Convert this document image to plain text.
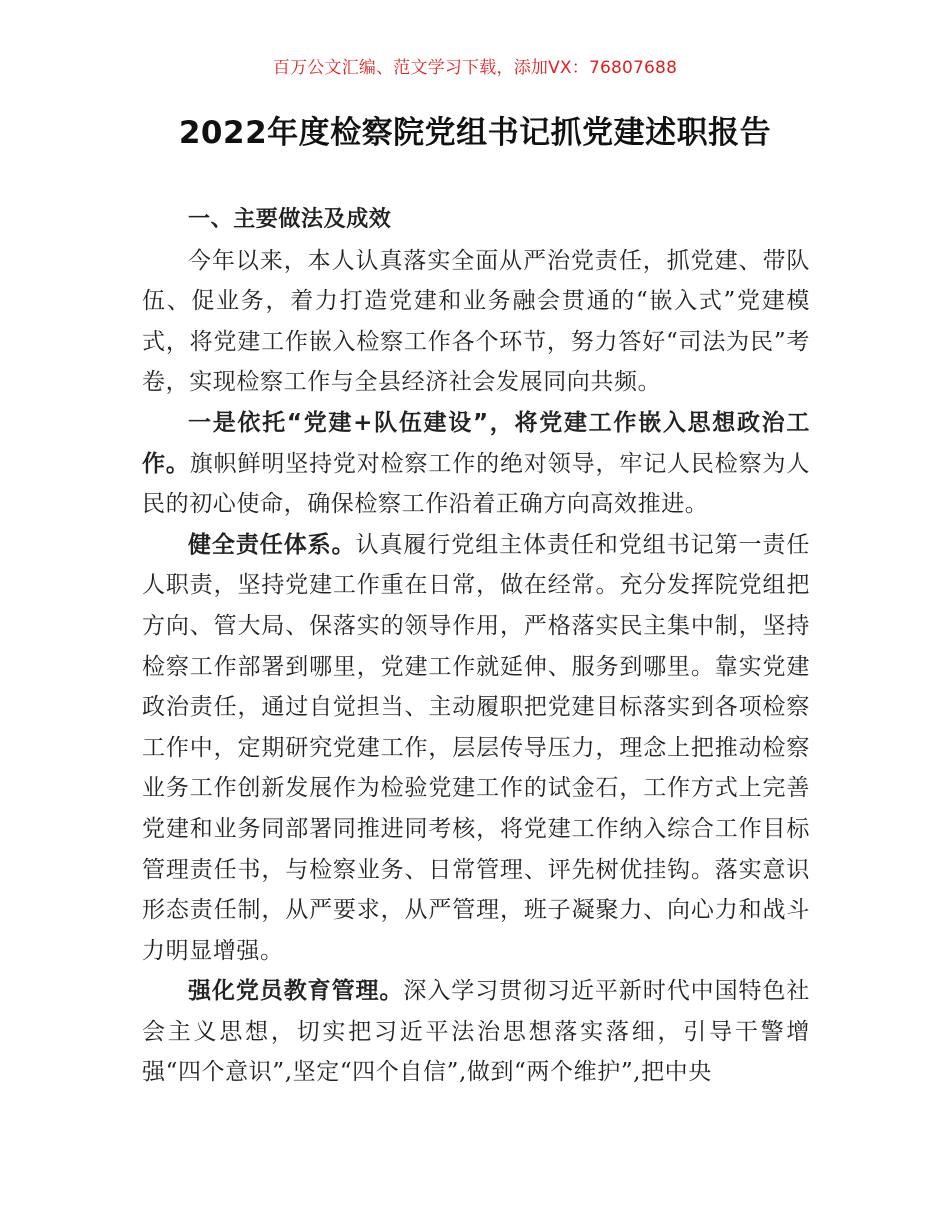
百万公文汇编、范文学习下载，添加VX：76807688
2022年度检察院党组书记抓党建述职报告

一、主要做法及成效

今年以来，本人认真落实全面从严治党责任，抓党建、带队伍、促业务，着力打造党建和业务融会贯通的“嵌入式”党建模式，将党建工作嵌入检察工作各个环节，努力答好“司法为民”考卷，实现检察工作与全县经济社会发展同向共频。

一是依托“党建+队伍建设”，将党建工作嵌入思想政治工作。旗帜鲜明坚持党对检察工作的绝对领导，牢记人民检察为人民的初心使命，确保检察工作沿着正确方向高效推进。

健全责任体系。认真履行党组主体责任和党组书记第一责任人职责，坚持党建工作重在日常，做在经常。充分发挥院党组把方向、管大局、保落实的领导作用，严格落实民主集中制，坚持检察工作部署到哪里，党建工作就延伸、服务到哪里。靠实党建政治责任，通过自觉担当、主动履职把党建目标落实到各项检察工作中，定期研究党建工作，层层传导压力，理念上把推动检察业务工作创新发展作为检验党建工作的试金石，工作方式上完善党建和业务同部署同推进同考核，将党建工作纳入综合工作目标管理责任书，与检察业务、日常管理、评先树优挂钩。落实意识形态责任制，从严要求，从严管理，班子凝聚力、向心力和战斗力明显增强。

强化党员教育管理。深入学习贯彻习近平新时代中国特色社会主义思想，切实把习近平法治思想落实落细，引导干警增强“四个意识”,坚定“四个自信”,做到“两个维护”,把中央
